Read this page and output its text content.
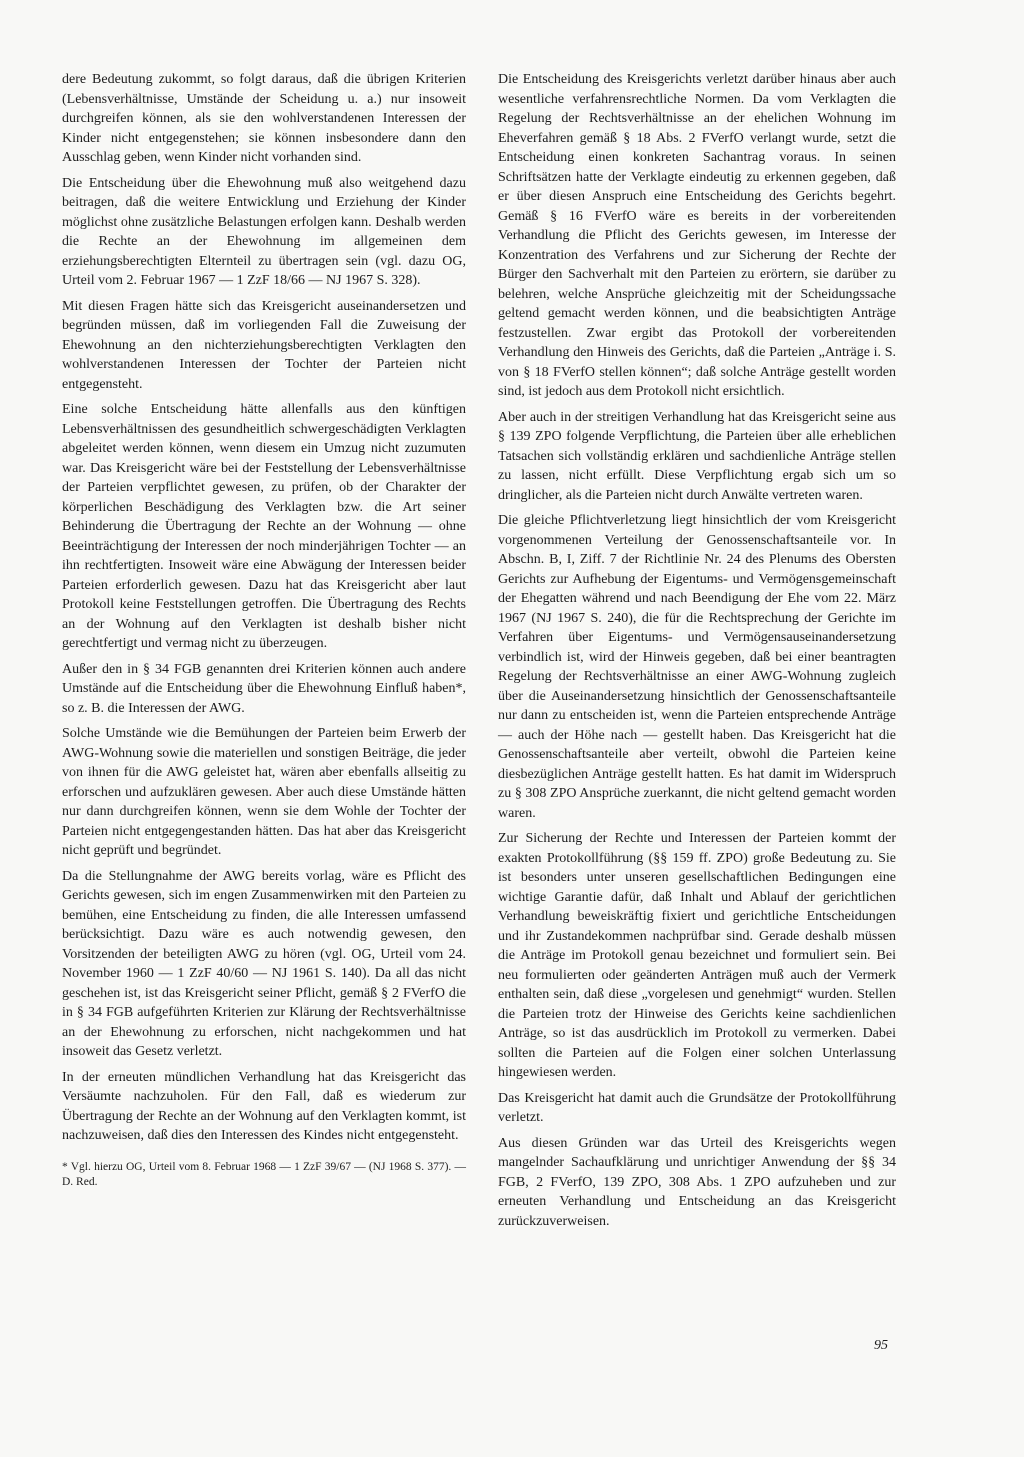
dere Bedeutung zukommt, so folgt daraus, daß die übrigen Kriterien (Lebensverhältnisse, Umstände der Scheidung u. a.) nur insoweit durchgreifen können, als sie den wohlverstandenen Interessen der Kinder nicht entgegenstehen; sie können insbesondere dann den Ausschlag geben, wenn Kinder nicht vorhanden sind.

Die Entscheidung über die Ehewohnung muß also weitgehend dazu beitragen, daß die weitere Entwicklung und Erziehung der Kinder möglichst ohne zusätzliche Belastungen erfolgen kann. Deshalb werden die Rechte an der Ehewohnung im allgemeinen dem erziehungsberechtigten Elternteil zu übertragen sein (vgl. dazu OG, Urteil vom 2. Februar 1967 — 1 ZzF 18/66 — NJ 1967 S. 328).

Mit diesen Fragen hätte sich das Kreisgericht auseinandersetzen und begründen müssen, daß im vorliegenden Fall die Zuweisung der Ehewohnung an den nichterziehungsberechtigten Verklagten den wohlverstandenen Interessen der Tochter der Parteien nicht entgegensteht.

Eine solche Entscheidung hätte allenfalls aus den künftigen Lebensverhältnissen des gesundheitlich schwergeschädigten Verklagten abgeleitet werden können, wenn diesem ein Umzug nicht zuzumuten war. Das Kreisgericht wäre bei der Feststellung der Lebensverhältnisse der Parteien verpflichtet gewesen, zu prüfen, ob der Charakter der körperlichen Beschädigung des Verklagten bzw. die Art seiner Behinderung die Übertragung der Rechte an der Wohnung — ohne Beeinträchtigung der Interessen der noch minderjährigen Tochter — an ihn rechtfertigten. Insoweit wäre eine Abwägung der Interessen beider Parteien erforderlich gewesen. Dazu hat das Kreisgericht aber laut Protokoll keine Feststellungen getroffen. Die Übertragung des Rechts an der Wohnung auf den Verklagten ist deshalb bisher nicht gerechtfertigt und vermag nicht zu überzeugen.

Außer den in § 34 FGB genannten drei Kriterien können auch andere Umstände auf die Entscheidung über die Ehewohnung Einfluß haben*, so z. B. die Interessen der AWG.

Solche Umstände wie die Bemühungen der Parteien beim Erwerb der AWG-Wohnung sowie die materiellen und sonstigen Beiträge, die jeder von ihnen für die AWG geleistet hat, wären aber ebenfalls allseitig zu erforschen und aufzuklären gewesen. Aber auch diese Umstände hätten nur dann durchgreifen können, wenn sie dem Wohle der Tochter der Parteien nicht entgegengestanden hätten. Das hat aber das Kreisgericht nicht geprüft und begründet.

Da die Stellungnahme der AWG bereits vorlag, wäre es Pflicht des Gerichts gewesen, sich im engen Zusammenwirken mit den Parteien zu bemühen, eine Entscheidung zu finden, die alle Interessen umfassend berücksichtigt. Dazu wäre es auch notwendig gewesen, den Vorsitzenden der beteiligten AWG zu hören (vgl. OG, Urteil vom 24. November 1960 — 1 ZzF 40/60 — NJ 1961 S. 140). Da all das nicht geschehen ist, ist das Kreisgericht seiner Pflicht, gemäß § 2 FVerfO die in § 34 FGB aufgeführten Kriterien zur Klärung der Rechtsverhältnisse an der Ehewohnung zu erforschen, nicht nachgekommen und hat insoweit das Gesetz verletzt.

In der erneuten mündlichen Verhandlung hat das Kreisgericht das Versäumte nachzuholen. Für den Fall, daß es wiederum zur Übertragung der Rechte an der Wohnung auf den Verklagten kommt, ist nachzuweisen, daß dies den Interessen des Kindes nicht entgegensteht.

* Vgl. hierzu OG, Urteil vom 8. Februar 1968 — 1 ZzF 39/67 — (NJ 1968 S. 377). — D. Red.

Die Entscheidung des Kreisgerichts verletzt darüber hinaus aber auch wesentliche verfahrensrechtliche Normen. Da vom Verklagten die Regelung der Rechtsverhältnisse an der ehelichen Wohnung im Eheverfahren gemäß § 18 Abs. 2 FVerfO verlangt wurde, setzt die Entscheidung einen konkreten Sachantrag voraus. In seinen Schriftsätzen hatte der Verklagte eindeutig zu erkennen gegeben, daß er über diesen Anspruch eine Entscheidung des Gerichts begehrt. Gemäß § 16 FVerfO wäre es bereits in der vorbereitenden Verhandlung die Pflicht des Gerichts gewesen, im Interesse der Konzentration des Verfahrens und zur Sicherung der Rechte der Bürger den Sachverhalt mit den Parteien zu erörtern, sie darüber zu belehren, welche Ansprüche gleichzeitig mit der Scheidungssache geltend gemacht werden können, und die beabsichtigten Anträge festzustellen. Zwar ergibt das Protokoll der vorbereitenden Verhandlung den Hinweis des Gerichts, daß die Parteien „Anträge i. S. von § 18 FVerfO stellen können“; daß solche Anträge gestellt worden sind, ist jedoch aus dem Protokoll nicht ersichtlich.

Aber auch in der streitigen Verhandlung hat das Kreisgericht seine aus § 139 ZPO folgende Verpflichtung, die Parteien über alle erheblichen Tatsachen sich vollständig erklären und sachdienliche Anträge stellen zu lassen, nicht erfüllt. Diese Verpflichtung ergab sich um so dringlicher, als die Parteien nicht durch Anwälte vertreten waren.

Die gleiche Pflichtverletzung liegt hinsichtlich der vom Kreisgericht vorgenommenen Verteilung der Genossenschaftsanteile vor. In Abschn. B, I, Ziff. 7 der Richtlinie Nr. 24 des Plenums des Obersten Gerichts zur Aufhebung der Eigentums- und Vermögensgemeinschaft der Ehegatten während und nach Beendigung der Ehe vom 22. März 1967 (NJ 1967 S. 240), die für die Rechtsprechung der Gerichte im Verfahren über Eigentums- und Vermögensauseinandersetzung verbindlich ist, wird der Hinweis gegeben, daß bei einer beantragten Regelung der Rechtsverhältnisse an einer AWG-Wohnung zugleich über die Auseinandersetzung hinsichtlich der Genossenschaftsanteile nur dann zu entscheiden ist, wenn die Parteien entsprechende Anträge — auch der Höhe nach — gestellt haben. Das Kreisgericht hat die Genossenschaftsanteile aber verteilt, obwohl die Parteien keine diesbezüglichen Anträge gestellt hatten. Es hat damit im Widerspruch zu § 308 ZPO Ansprüche zuerkannt, die nicht geltend gemacht worden waren.

Zur Sicherung der Rechte und Interessen der Parteien kommt der exakten Protokollführung (§§ 159 ff. ZPO) große Bedeutung zu. Sie ist besonders unter unseren gesellschaftlichen Bedingungen eine wichtige Garantie dafür, daß Inhalt und Ablauf der gerichtlichen Verhandlung beweiskräftig fixiert und gerichtliche Entscheidungen und ihr Zustandekommen nachprüfbar sind. Gerade deshalb müssen die Anträge im Protokoll genau bezeichnet und formuliert sein. Bei neu formulierten oder geänderten Anträgen muß auch der Vermerk enthalten sein, daß diese „vorgelesen und genehmigt“ wurden. Stellen die Parteien trotz der Hinweise des Gerichts keine sachdienlichen Anträge, so ist das ausdrücklich im Protokoll zu vermerken. Dabei sollten die Parteien auf die Folgen einer solchen Unterlassung hingewiesen werden.

Das Kreisgericht hat damit auch die Grundsätze der Protokollführung verletzt.

Aus diesen Gründen war das Urteil des Kreisgerichts wegen mangelnder Sachaufklärung und unrichtiger Anwendung der §§ 34 FGB, 2 FVerfO, 139 ZPO, 308 Abs. 1 ZPO aufzuheben und zur erneuten Verhandlung und Entscheidung an das Kreisgericht zurückzuverweisen.

95
